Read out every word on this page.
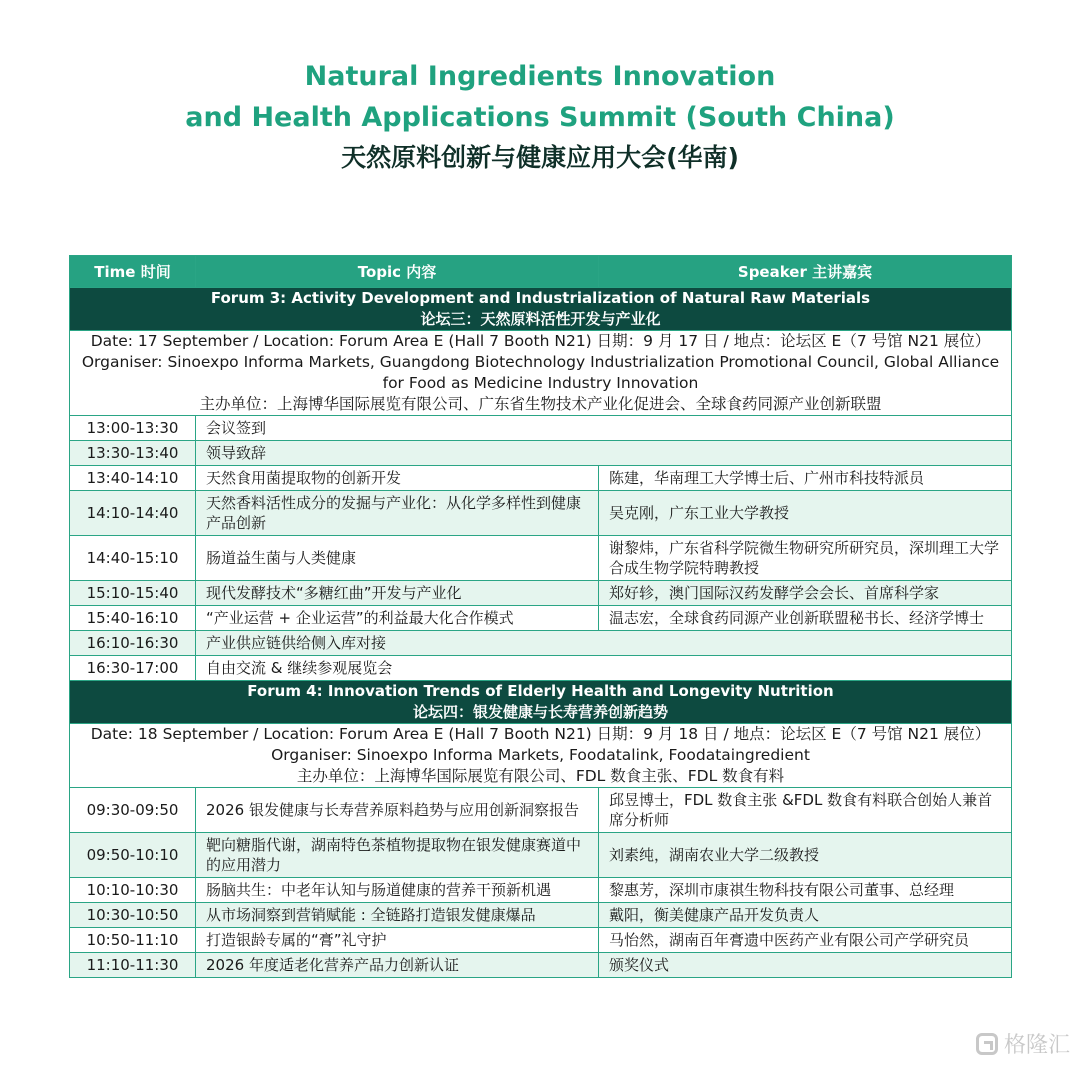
Natural Ingredients Innovation
and Health Applications Summit (South China)
天然原料创新与健康应用大会(华南)
Time 时间	Topic 内容	Speaker 主讲嘉宾

Forum 3: Activity Development and Industrialization of Natural Raw Materials
论坛三：天然原料活性开发与产业化		

Date: 17 September / Location: Forum Area E (Hall 7 Booth N21) 日期：9 月 17 日 / 地点：论坛区 E（7 号馆 N21 展位）
Organiser: Sinoexpo Informa Markets, Guangdong Biotechnology Industrialization Promotional Council, Global Alliance for Food as Medicine Industry Innovation
主办单位：上海博华国际展览有限公司、广东省生物技术产业化促进会、全球食药同源产业创新联盟		

13:00-13:30	会议签到	
13:30-13:40	领导致辞	
13:40-14:10	天然食用菌提取物的创新开发	陈建，华南理工大学博士后、广州市科技特派员
14:10-14:40	天然香料活性成分的发掘与产业化：从化学多样性到健康产品创新	吴克刚，广东工业大学教授
14:40-15:10	肠道益生菌与人类健康	谢黎炜，广东省科学院微生物研究所研究员，深圳理工大学合成生物学院特聘教授
15:10-15:40	现代发酵技术“多糖红曲”开发与产业化	郑好轸，澳门国际汉药发酵学会会长、首席科学家
15:40-16:10	“产业运营 + 企业运营”的利益最大化合作模式	温志宏，全球食药同源产业创新联盟秘书长、经济学博士
16:10-16:30	产业供应链供给侧入库对接	
16:30-17:00	自由交流 & 继续参观展览会	

Forum 4: Innovation Trends of Elderly Health and Longevity Nutrition
论坛四：银发健康与长寿营养创新趋势		

Date: 18 September / Location: Forum Area E (Hall 7 Booth N21) 日期：9 月 18 日 / 地点：论坛区 E（7 号馆 N21 展位）
Organiser: Sinoexpo Informa Markets, Foodatalink, Foodataingredient
主办单位：上海博华国际展览有限公司、FDL 数食主张、FDL 数食有料		

09:30-09:50	2026 银发健康与长寿营养原料趋势与应用创新洞察报告	邱昱博士，FDL 数食主张 &FDL 数食有料联合创始人兼首席分析师
09:50-10:10	靶向糖脂代谢，湖南特色茶植物提取物在银发健康赛道中的应用潜力	刘素纯，湖南农业大学二级教授
10:10-10:30	肠脑共生：中老年认知与肠道健康的营养干预新机遇	黎惠芳，深圳市康祺生物科技有限公司董事、总经理
10:30-10:50	从市场洞察到营销赋能 : 全链路打造银发健康爆品	戴阳，衡美健康产品开发负责人
10:50-11:10	打造银龄专属的“膏”礼守护	马怡然，湖南百年膏遗中医药产业有限公司产学研究员
11:10-11:30	2026 年度适老化营养产品力创新认证	颁奖仪式
格隆汇
